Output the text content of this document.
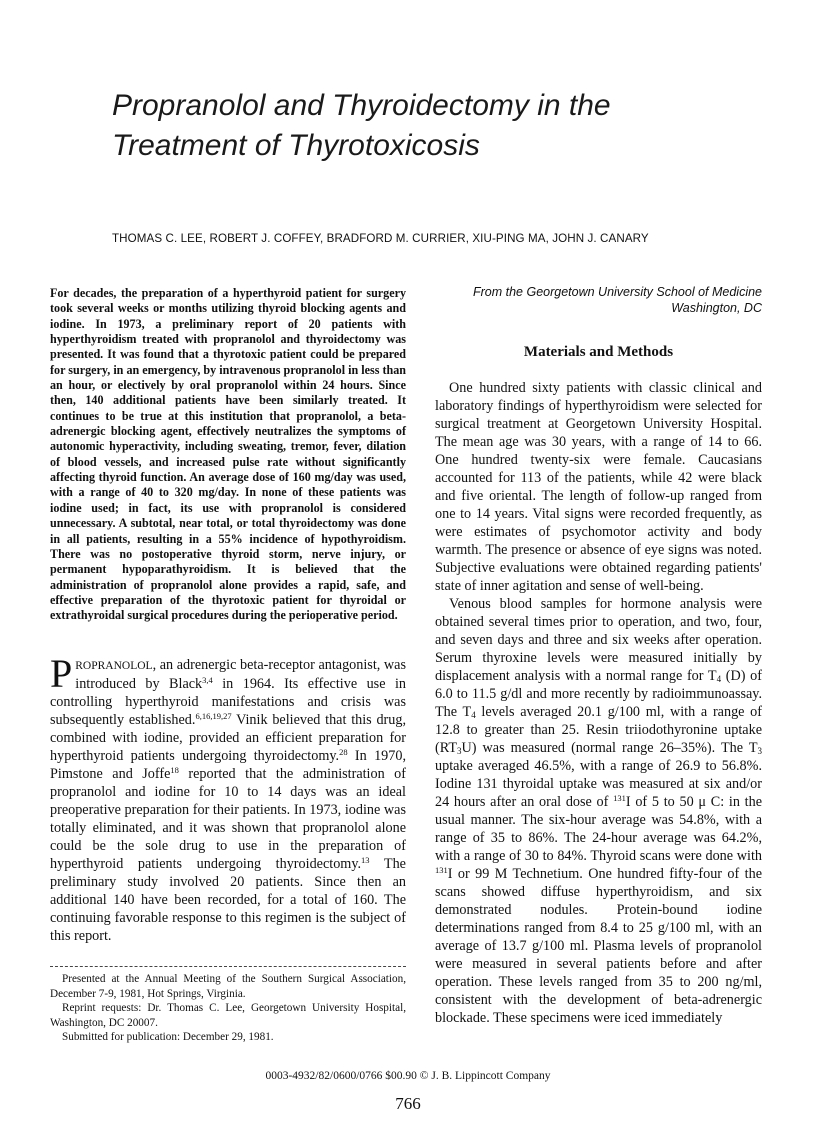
Propranolol and Thyroidectomy in the Treatment of Thyrotoxicosis
THOMAS C. LEE, ROBERT J. COFFEY, BRADFORD M. CURRIER, XIU-PING MA, JOHN J. CANARY

For decades, the preparation of a hyperthyroid patient for surgery took several weeks or months utilizing thyroid blocking agents and iodine. In 1973, a preliminary report of 20 patients with hyperthyroidism treated with propranolol and thyroidectomy was presented. It was found that a thyrotoxic patient could be prepared for surgery, in an emergency, by intravenous propranolol in less than an hour, or electively by oral propranolol within 24 hours. Since then, 140 additional patients have been similarly treated. It continues to be true at this institution that propranolol, a beta-adrenergic blocking agent, effectively neutralizes the symptoms of autonomic hyperactivity, including sweating, tremor, fever, dilation of blood vessels, and increased pulse rate without significantly affecting thyroid function. An average dose of 160 mg/day was used, with a range of 40 to 320 mg/day. In none of these patients was iodine used; in fact, its use with propranolol is considered unnecessary. A subtotal, near total, or total thyroidectomy was done in all patients, resulting in a 55% incidence of hypothyroidism. There was no postoperative thyroid storm, nerve injury, or permanent hypoparathyroidism. It is believed that the administration of propranolol alone provides a rapid, safe, and effective preparation of the thyrotoxic patient for thyroidal or extrathyroidal surgical procedures during the perioperative period.

From the Georgetown University School of Medicine
Washington, DC
Materials and Methods

PROPRANOLOL, an adrenergic beta-receptor antagonist, was introduced by Black$^{3,4}$ in 1964. Its effective use in controlling hyperthyroid manifestations and crisis was subsequently established.$^{6,16,19,27}$ Vinik believed that this drug, combined with iodine, provided an efficient preparation for hyperthyroid patients undergoing thyroidectomy.$^{28}$ In 1970, Pimstone and Joffe$^{18}$ reported that the administration of propranolol and iodine for 10 to 14 days was an ideal preoperative preparation for their patients. In 1973, iodine was totally eliminated, and it was shown that propranolol alone could be the sole drug to use in the preparation of hyperthyroid patients undergoing thyroidectomy.$^{13}$ The preliminary study involved 20 patients. Since then an additional 140 have been recorded, for a total of 160. The continuing favorable response to this regimen is the subject of this report.

Presented at the Annual Meeting of the Southern Surgical Association, December 7-9, 1981, Hot Springs, Virginia.

Reprint requests: Dr. Thomas C. Lee, Georgetown University Hospital, Washington, DC 20007.

Submitted for publication: December 29, 1981.

One hundred sixty patients with classic clinical and laboratory findings of hyperthyroidism were selected for surgical treatment at Georgetown University Hospital. The mean age was 30 years, with a range of 14 to 66. One hundred twenty-six were female. Caucasians accounted for 113 of the patients, while 42 were black and five oriental. The length of follow-up ranged from one to 14 years. Vital signs were recorded frequently, as were estimates of psychomotor activity and body warmth. The presence or absence of eye signs was noted. Subjective evaluations were obtained regarding patients' state of inner agitation and sense of well-being.

Venous blood samples for hormone analysis were obtained several times prior to operation, and two, four, and seven days and three and six weeks after operation. Serum thyroxine levels were measured initially by displacement analysis with a normal range for $T_4$ (D) of 6.0 to 11.5 g/dl and more recently by radioimmunoassay. The $T_4$ levels averaged 20.1 g/100 ml, with a range of 12.8 to greater than 25. Resin triiodothyronine uptake $(RT_3U)$ was measured (normal range 26–35%). The $T_3$ uptake averaged 46.5%, with a range of 26.9 to 56.8%. Iodine 131 thyroidal uptake was measured at six and/or 24 hours after an oral dose of $^{131}$I of 5 to 50 μ C: in the usual manner. The six-hour average was 54.8%, with a range of 35 to 86%. The 24-hour average was 64.2%, with a range of 30 to 84%. Thyroid scans were done with $^{131}$I or 99 M Technetium. One hundred fifty-four of the scans showed diffuse hyperthyroidism, and six demonstrated nodules. Protein-bound iodine determinations ranged from 8.4 to 25 g/100 ml, with an average of 13.7 g/100 ml. Plasma levels of propranolol were measured in several patients before and after operation. These levels ranged from 35 to 200 ng/ml, consistent with the development of beta-adrenergic blockade. These specimens were iced immediately

0003-4932/82/0600/0766 $00.90 © J. B. Lippincott Company
766
